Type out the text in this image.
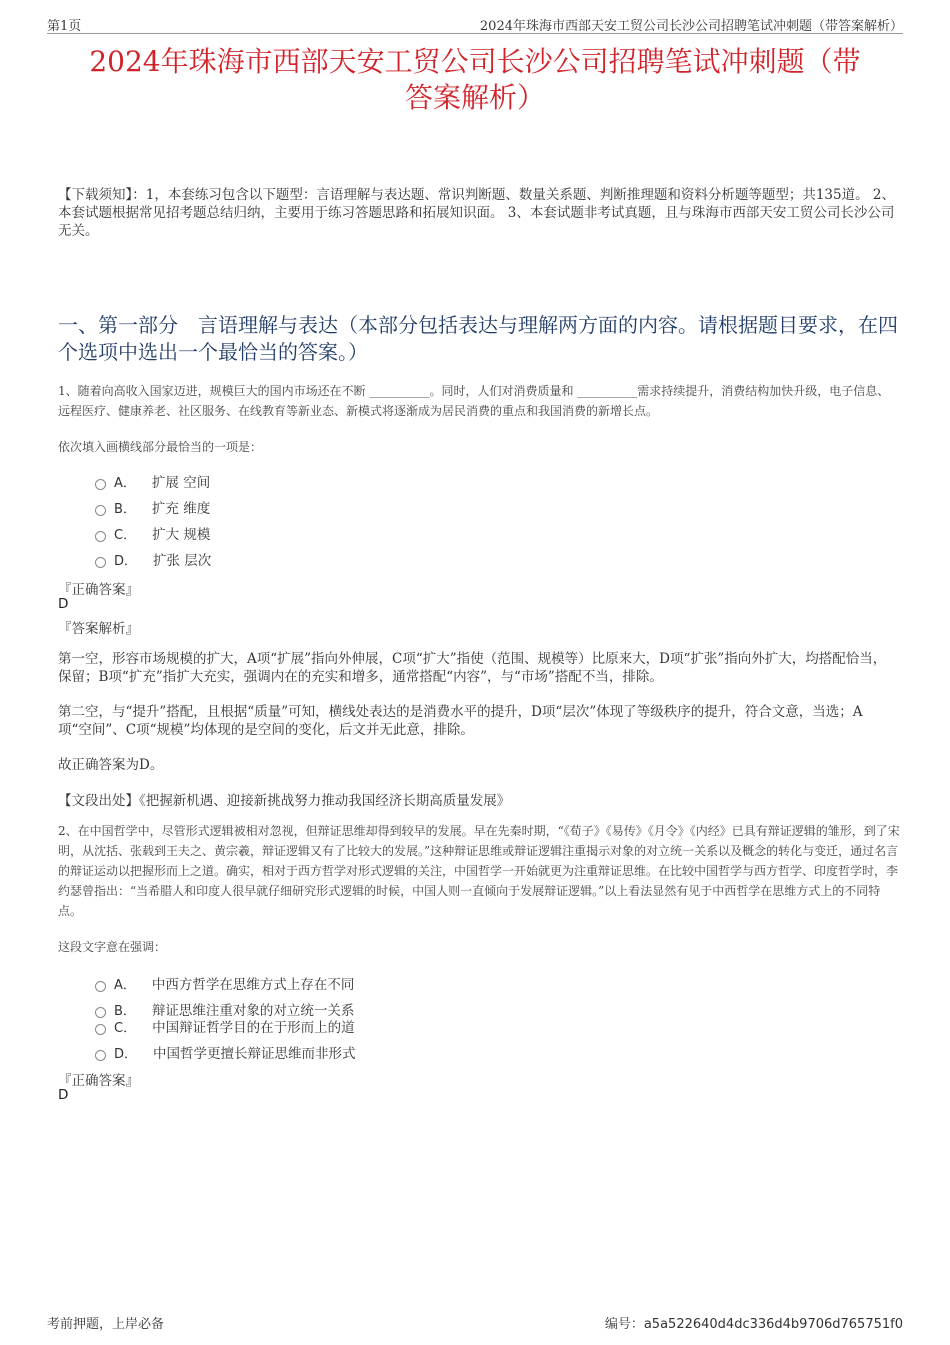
第1页	2024年珠海市西部天安工贸公司长沙公司招聘笔试冲刺题（带答案解析）
2024年珠海市西部天安工贸公司长沙公司招聘笔试冲刺题（带
答案解析）
【下载须知】：1，本套练习包含以下题型：言语理解与表达题、常识判断题、数量关系题、判断推理题和资料分析题等题型；共135道。 2、本套试题根据常见招考题总结归纳，主要用于练习答题思路和拓展知识面。 3、本套试题非考试真题，且与珠海市西部天安工贸公司长沙公司无关。
一、第一部分　言语理解与表达（本部分包括表达与理解两方面的内容。请根据题目要求，在四个选项中选出一个最恰当的答案。）
1、随着向高收入国家迈进，规模巨大的国内市场还在不断 __________。同时，人们对消费质量和 __________需求持续提升，消费结构加快升级，电子信息、远程医疗、健康养老、社区服务、在线教育等新业态、新模式将逐渐成为居民消费的重点和我国消费的新增长点。
依次填入画横线部分最恰当的一项是：
A． 扩展 空间
B． 扩充 维度
C． 扩大 规模
D． 扩张 层次
『正确答案』
D
『答案解析』
第一空，形容市场规模的扩大，A项“扩展”指向外伸展，C项“扩大”指使（范围、规模等）比原来大，D项“扩张”指向外扩大，均搭配恰当，保留；B项“扩充”指扩大充实，强调内在的充实和增多，通常搭配“内容”，与“市场”搭配不当，排除。
第二空，与“提升”搭配，且根据“质量”可知，横线处表达的是消费水平的提升，D项“层次”体现了等级秩序的提升，符合文意，当选；A项“空间”、C项“规模”均体现的是空间的变化，后文并无此意，排除。
故正确答案为D。
【文段出处】《把握新机遇、迎接新挑战努力推动我国经济长期高质量发展》
2、在中国哲学中，尽管形式逻辑被相对忽视，但辩证思维却得到较早的发展。早在先秦时期，“《荀子》《易传》《月令》《内经》已具有辩证逻辑的雏形，到了宋明，从沈括、张载到王夫之、黄宗羲，辩证逻辑又有了比较大的发展。”这种辩证思维或辩证逻辑注重揭示对象的对立统一关系以及概念的转化与变迁，通过名言的辩证运动以把握形而上之道。确实，相对于西方哲学对形式逻辑的关注，中国哲学一开始就更为注重辩证思维。在比较中国哲学与西方哲学、印度哲学时，李约瑟曾指出：“当希腊人和印度人很早就仔细研究形式逻辑的时候，中国人则一直倾向于发展辩证逻辑。”以上看法显然有见于中西哲学在思维方式上的不同特点。
这段文字意在强调：
A． 中西方哲学在思维方式上存在不同
B． 辩证思维注重对象的对立统一关系
C． 中国辩证哲学目的在于形而上的道
D． 中国哲学更擅长辩证思维而非形式
『正确答案』
D
考前押题，上岸必备	编号：a5a522640d4dc336d4b9706d765751f0
